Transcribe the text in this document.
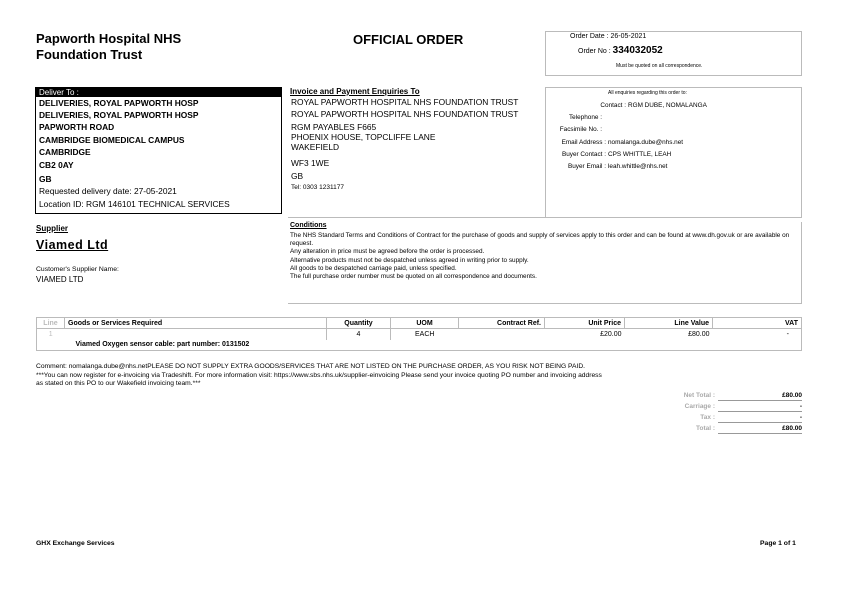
Papworth Hospital NHS
Foundation Trust
OFFICIAL ORDER	Order Date : 26-05-2021
Order No : 334032052
Must be quoted on all correspondence.
Deliver To :
DELIVERIES, ROYAL PAPWORTH HOSP
DELIVERIES, ROYAL PAPWORTH HOSP
PAPWORTH ROAD
CAMBRIDGE BIOMEDICAL CAMPUS
CAMBRIDGE
CB2 0AY
GB
Requested delivery date: 27-05-2021
Location ID: RGM 146101 TECHNICAL SERVICES
Invoice and Payment Enquiries To
ROYAL PAPWORTH HOSPITAL NHS FOUNDATION TRUST
ROYAL PAPWORTH HOSPITAL NHS FOUNDATION TRUST
RGM PAYABLES F665
PHOENIX HOUSE, TOPCLIFFE LANE
WAKEFIELD
WF3 1WE
GB
Tel: 0303 1231177
All enquiries regarding this order to:
Contact : RGM DUBE, NOMALANGA
Telephone :
Facsimile No. :
Email Address : nomalanga.dube@nhs.net
Buyer Contact : CPS WHITTLE, LEAH
Buyer Email : leah.whittle@nhs.net
Supplier
Viamed Ltd
Customer's Supplier Name:
VIAMED LTD
Conditions
The NHS Standard Terms and Conditions of Contract for the purchase of goods and supply of services apply to this order and can be found at www.dh.gov.uk or are available on request.
Any alteration in price must be agreed before the order is processed.
Alternative products must not be despatched unless agreed in writing prior to supply.
All goods to be despatched carriage paid, unless specified.
The full purchase order number must be quoted on all correspondence and documents.
Line	Goods or Services Required	Quantity	UOM	Contract Ref.	Unit Price	Line Value	VAT
1		4	EACH		£20.00	£80.00	-
	Viamed Oxygen sensor cable: part number: 0131502						
Comment: nomalanga.dube@nhs.netPLEASE DO NOT SUPPLY EXTRA GOODS/SERVICES THAT ARE NOT LISTED ON THE PURCHASE ORDER, AS YOU RISK NOT BEING PAID.
***You can now register for e-invoicing via Tradeshift. For more information visit: https://www.sbs.nhs.uk/supplier-einvoicing Please send your invoice quoting PO number and invoicing address
as stated on this PO to our Wakefield invoicing team.***
Net Total :	£80.00
Carriage :	-
Tax :	-
Total :	£80.00
GHX Exchange Services	Page 1 of 1
